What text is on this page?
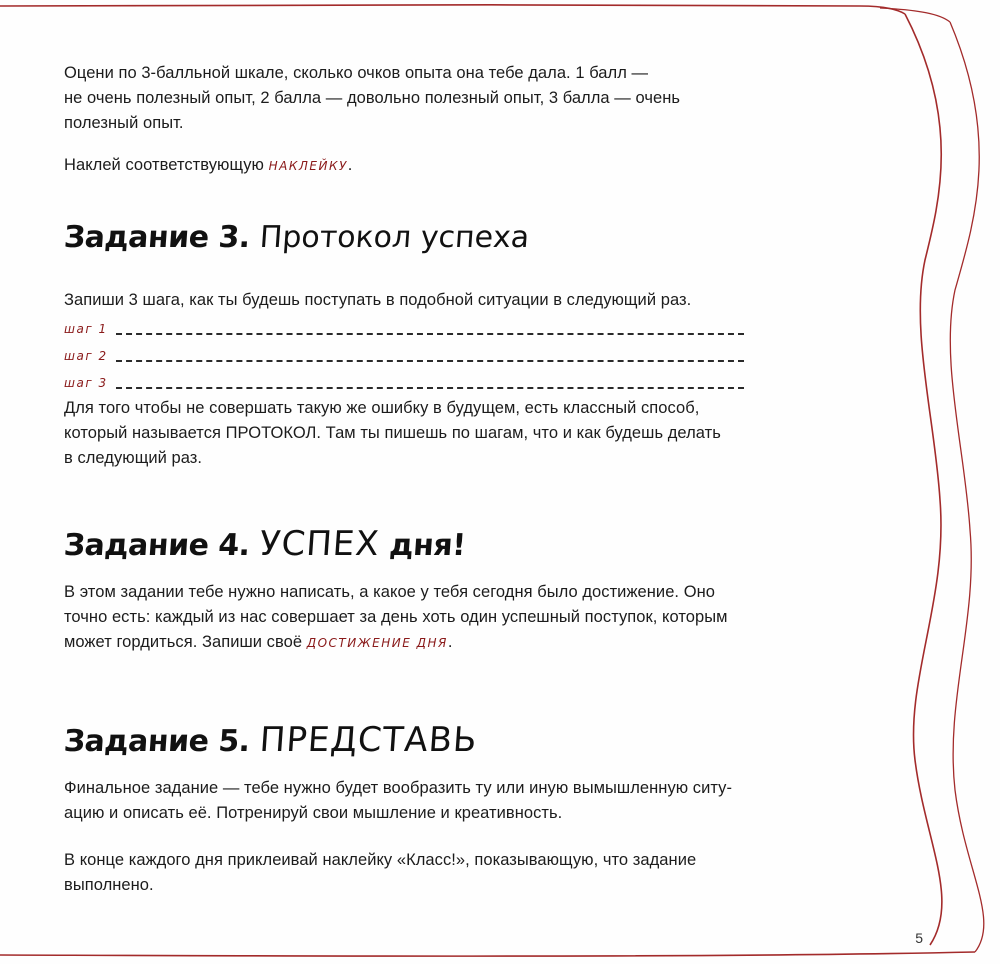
Оцени по 3-балльной шкале, сколько очков опыта она тебе дала. 1 балл —
не очень полезный опыт, 2 балла — довольно полезный опыт, 3 балла — очень
полезный опыт.

Наклей соответствующую НАКЛЕЙКУ.

Задание 3. Протокол успеха

Запиши 3 шага, как ты будешь поступать в подобной ситуации в следующий раз.

шаг 1
шаг 2
шаг 3

Для того чтобы не совершать такую же ошибку в будущем, есть классный способ,
который называется ПРОТОКОЛ. Там ты пишешь по шагам, что и как будешь делать
в следующий раз.

Задание 4. УСПЕХ дня!

В этом задании тебе нужно написать, а какое у тебя сегодня было достижение. Оно
точно есть: каждый из нас совершает за день хоть один успешный поступок, которым
может гордиться. Запиши своё ДОСТИЖЕНИЕ ДНЯ.

Задание 5. ПРЕДСТАВЬ

Финальное задание — тебе нужно будет вообразить ту или иную вымышленную ситу-
ацию и описать её. Потренируй свои мышление и креативность.

В конце каждого дня приклеивай наклейку «Класс!», показывающую, что задание
выполнено.

5
